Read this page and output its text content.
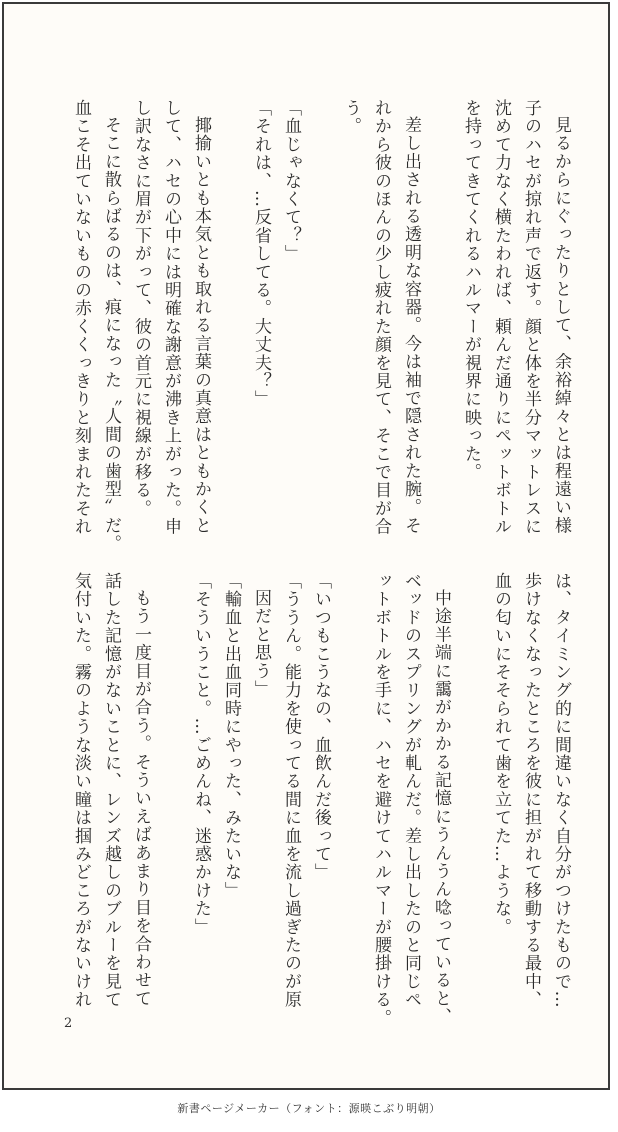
見るからにぐったりとして、余裕綽々とは程遠い様

子のハセが掠れ声で返す。顔と体を半分マットレスに

沈めて力なく横たわれば、頼んだ通りにペットボトル

を持ってきてくれるハルマーが視界に映った。

差し出される透明な容器。今は袖で隠された腕。そ

れから彼のほんの少し疲れた顔を見て、そこで目が合

う。

「血じゃなくて？」

「それは、…反省してる。大丈夫？」

揶揄いとも本気とも取れる言葉の真意はともかくと

して、ハセの心中には明確な謝意が沸き上がった。申

し訳なさに眉が下がって、彼の首元に視線が移る。

そこに散らばるのは、痕になった〝人間の歯型〟だ。

血こそ出ていないものの赤くくっきりと刻まれたそれ

は、タイミング的に間違いなく自分がつけたもので…

歩けなくなったところを彼に担がれて移動する最中、

血の匂いにそそられて歯を立てた…ような。

中途半端に靄がかかる記憶にうんうん唸っていると、

ベッドのスプリングが軋んだ。差し出したのと同じペ

ットボトルを手に、ハセを避けてハルマーが腰掛ける。

「いつもこうなの、血飲んだ後って」

「ううん。能力を使ってる間に血を流し過ぎたのが原

因だと思う」

「輸血と出血同時にやった、みたいな」

「そういうこと。…ごめんね、迷惑かけた」

もう一度目が合う。そういえばあまり目を合わせて

話した記憶がないことに、レンズ越しのブルーを見て

気付いた。霧のような淡い瞳は掴みどころがないけれ

2
新書ページメーカー（フォント：源暎こぶり明朝）
